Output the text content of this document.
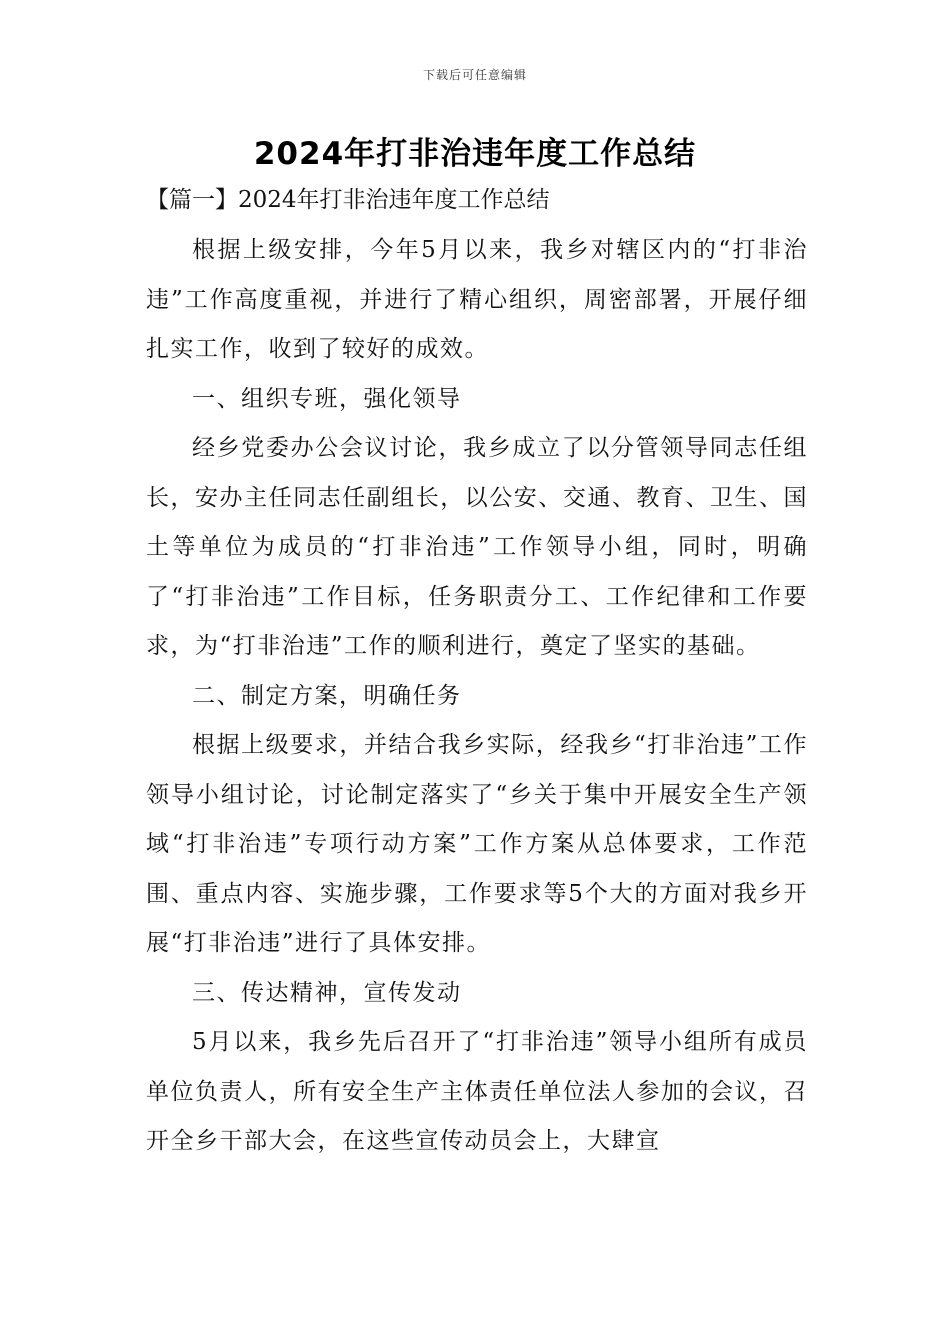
下载后可任意编辑
2024年打非治违年度工作总结

【篇一】2024年打非治违年度工作总结

根据上级安排，今年5月以来，我乡对辖区内的“打非治违”工作高度重视，并进行了精心组织，周密部署，开展仔细扎实工作，收到了较好的成效。

一、组织专班，强化领导

经乡党委办公会议讨论，我乡成立了以分管领导同志任组长，安办主任同志任副组长，以公安、交通、教育、卫生、国土等单位为成员的“打非治违”工作领导小组，同时，明确了“打非治违”工作目标，任务职责分工、工作纪律和工作要求，为“打非治违”工作的顺利进行，奠定了坚实的基础。

二、制定方案，明确任务

根据上级要求，并结合我乡实际，经我乡“打非治违”工作领导小组讨论，讨论制定落实了“乡关于集中开展安全生产领域“打非治违”专项行动方案”工作方案从总体要求，工作范围、重点内容、实施步骤，工作要求等5个大的方面对我乡开展“打非治违”进行了具体安排。

三、传达精神，宣传发动

5月以来，我乡先后召开了“打非治违”领导小组所有成员单位负责人，所有安全生产主体责任单位法人参加的会议，召开全乡干部大会，在这些宣传动员会上，大肆宣
